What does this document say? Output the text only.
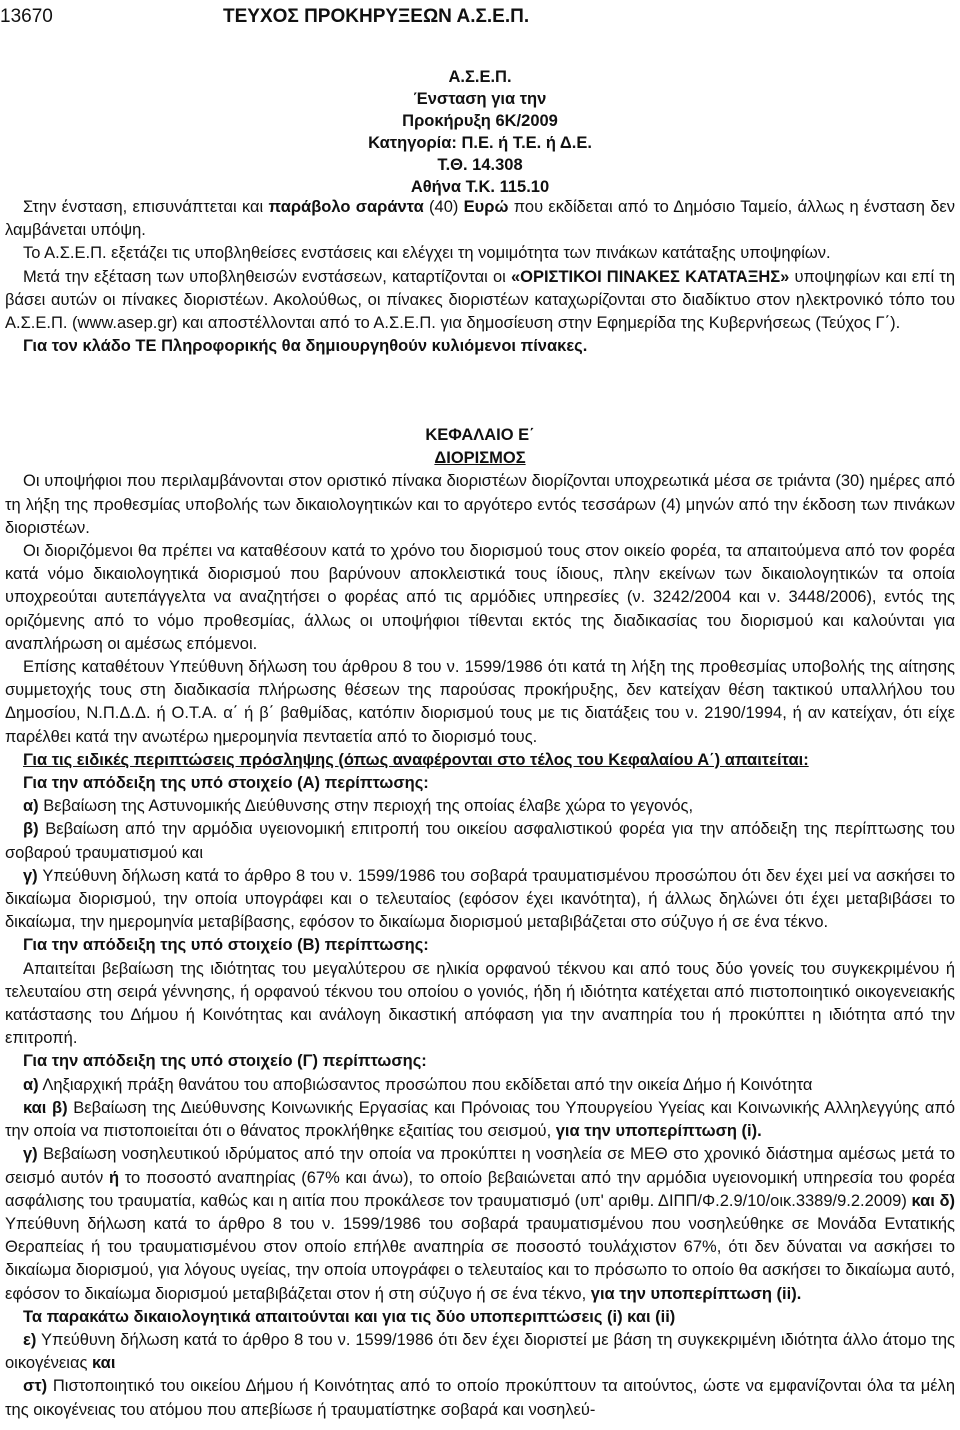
13670	ΤΕΥΧΟΣ ΠΡΟΚΗΡΥΞΕΩΝ Α.Σ.Ε.Π.
Α.Σ.Ε.Π.
Ένσταση για την
Προκήρυξη 6Κ/2009
Κατηγορία: Π.Ε. ή Τ.Ε. ή Δ.Ε.
Τ.Θ. 14.308
Αθήνα Τ.Κ. 115.10

Στην ένσταση, επισυνάπτεται και παράβολο σαράντα (40) Ευρώ που εκδίδεται από το Δημόσιο Ταμείο, άλλως η ένσταση δεν λαμβάνεται υπόψη.

Το Α.Σ.Ε.Π. εξετάζει τις υποβληθείσες ενστάσεις και ελέγχει τη νομιμότητα των πινάκων κατάταξης υποψηφίων.

Μετά την εξέταση των υποβληθεισών ενστάσεων, καταρτίζονται οι «ΟΡΙΣΤΙΚΟΙ ΠΙΝΑΚΕΣ ΚΑΤΑΤΑΞΗΣ» υποψηφίων και επί τη βάσει αυτών οι πίνακες διοριστέων. Ακολούθως, οι πίνακες διοριστέων καταχωρίζονται στο διαδίκτυο στον ηλεκτρονικό τόπο του Α.Σ.Ε.Π. (www.asep.gr) και αποστέλλονται από το Α.Σ.Ε.Π. για δημοσίευση στην Εφημερίδα της Κυβερνήσεως (Τεύχος Γ΄).

Για τον κλάδο ΤΕ Πληροφορικής θα δημιουργηθούν κυλιόμενοι πίνακες.

ΚΕΦΑΛΑΙΟ Ε΄

ΔΙΟΡΙΣΜΟΣ

Οι υποψήφιοι που περιλαμβάνονται στον οριστικό πίνακα διοριστέων διορίζονται υποχρεωτικά μέσα σε τριάντα (30) ημέρες από τη λήξη της προθεσμίας υποβολής των δικαιολογητικών και το αργότερο εντός τεσσάρων (4) μηνών από την έκδοση των πινάκων διοριστέων.

Οι διοριζόμενοι θα πρέπει να καταθέσουν κατά το χρόνο του διορισμού τους στον οικείο φορέα, τα απαιτούμενα από τον φορέα κατά νόμο δικαιολογητικά διορισμού που βαρύνουν αποκλειστικά τους ίδιους, πλην εκείνων των δικαιολογητικών τα οποία υποχρεούται αυτεπάγγελτα να αναζητήσει ο φορέας από τις αρμόδιες υπηρεσίες (ν. 3242/2004 και ν. 3448/2006), εντός της οριζόμενης από το νόμο προθεσμίας, άλλως οι υποψήφιοι τίθενται εκτός της διαδικασίας του διορισμού και καλούνται για αναπλήρωση οι αμέσως επόμενοι.

Επίσης καταθέτουν Υπεύθυνη δήλωση του άρθρου 8 του ν. 1599/1986 ότι κατά τη λήξη της προθεσμίας υποβολής της αίτησης συμμετοχής τους στη διαδικασία πλήρωσης θέσεων της παρούσας προκήρυξης, δεν κατείχαν θέση τακτικού υπαλλήλου του Δημοσίου, Ν.Π.Δ.Δ. ή Ο.Τ.Α. α΄ ή β΄ βαθμίδας, κατόπιν διορισμού τους με τις διατάξεις του ν. 2190/1994, ή αν κατείχαν, ότι είχε παρέλθει κατά την ανωτέρω ημερομηνία πενταετία από το διορισμό τους.

Για τις ειδικές περιπτώσεις πρόσληψης (όπως αναφέρονται στο τέλος του Κεφαλαίου Α΄) απαιτείται:

Για την απόδειξη της υπό στοιχείο (Α) περίπτωσης:

α) Βεβαίωση της Αστυνομικής Διεύθυνσης στην περιοχή της οποίας έλαβε χώρα το γεγονός,

β) Βεβαίωση από την αρμόδια υγειονομική επιτροπή του οικείου ασφαλιστικού φορέα για την απόδειξη της περίπτωσης του σοβαρού τραυματισμού και

γ) Υπεύθυνη δήλωση κατά το άρθρο 8 του ν. 1599/1986 του σοβαρά τραυματισμένου προσώπου ότι δεν έχει μεί να ασκήσει το δικαίωμα διορισμού, την οποία υπογράφει και ο τελευταίος (εφόσον έχει ικανότητα), ή άλλως δηλώνει ότι έχει μεταβιβάσει το δικαίωμα, την ημερομηνία μεταβίβασης, εφόσον το δικαίωμα διορισμού μεταβιβάζεται στο σύζυγο ή σε ένα τέκνο.

Για την απόδειξη της υπό στοιχείο (Β) περίπτωσης:

Απαιτείται βεβαίωση της ιδιότητας του μεγαλύτερου σε ηλικία ορφανού τέκνου και από τους δύο γονείς του συγκεκριμένου ή τελευταίου στη σειρά γέννησης, ή ορφανού τέκνου του οποίου ο γονιός, ήδη ή ιδιότητα κατέχεται από πιστοποιητικό οικογενειακής κατάστασης του Δήμου ή Κοινότητας και ανάλογη δικαστική απόφαση για την αναπηρία του ή προκύπτει η ιδιότητα από την επιτροπή.

Για την απόδειξη της υπό στοιχείο (Γ) περίπτωσης:

α) Ληξιαρχική πράξη θανάτου του αποβιώσαντος προσώπου που εκδίδεται από την οικεία Δήμο ή Κοινότητα

και β) Βεβαίωση της Διεύθυνσης Κοινωνικής Εργασίας και Πρόνοιας του Υπουργείου Υγείας και Κοινωνικής Αλληλεγγύης από την οποία να πιστοποιείται ότι ο θάνατος προκλήθηκε εξαιτίας του σεισμού, για την υποπερίπτωση (i).

γ) Βεβαίωση νοσηλευτικού ιδρύματος από την οποία να προκύπτει η νοσηλεία σε ΜΕΘ στο χρονικό διάστημα αμέσως μετά το σεισμό αυτόν ή το ποσοστό αναπηρίας (67% και άνω), το οποίο βεβαιώνεται από την αρμόδια υγειονομική υπηρεσία του φορέα ασφάλισης του τραυματία, καθώς και η αιτία που προκάλεσε τον τραυματισμό (υπ' αριθμ. ΔΙΠΠ/Φ.2.9/10/οικ.3389/9.2.2009) και δ) Υπεύθυνη δήλωση κατά το άρθρο 8 του ν. 1599/1986 του σοβαρά τραυματισμένου που νοσηλεύθηκε σε Μονάδα Εντατικής Θεραπείας ή του τραυματισμένου στον οποίο επήλθε αναπηρία σε ποσοστό τουλάχιστον 67%, ότι δεν δύναται να ασκήσει το δικαίωμα διορισμού, για λόγους υγείας, την οποία υπογράφει ο τελευταίος και το πρόσωπο το οποίο θα ασκήσει το δικαίωμα αυτό, εφόσον το δικαίωμα διορισμού μεταβιβάζεται στον ή στη σύζυγο ή σε ένα τέκνο, για την υποπερίπτωση (ii).

Τα παρακάτω δικαιολογητικά απαιτούνται και για τις δύο υποπεριπτώσεις (i) και (ii)

ε) Υπεύθυνη δήλωση κατά το άρθρο 8 του ν. 1599/1986 ότι δεν έχει διοριστεί με βάση τη συγκεκριμένη ιδιότητα άλλο άτομο της οικογένειας και

στ) Πιστοποιητικό του οικείου Δήμου ή Κοινότητας από το οποίο προκύπτουν τα αιτούντος, ώστε να εμφανίζονται όλα τα μέλη της οικογένειας του ατόμου που απεβίωσε ή τραυματίστηκε σοβαρά και νοσηλεύ-
